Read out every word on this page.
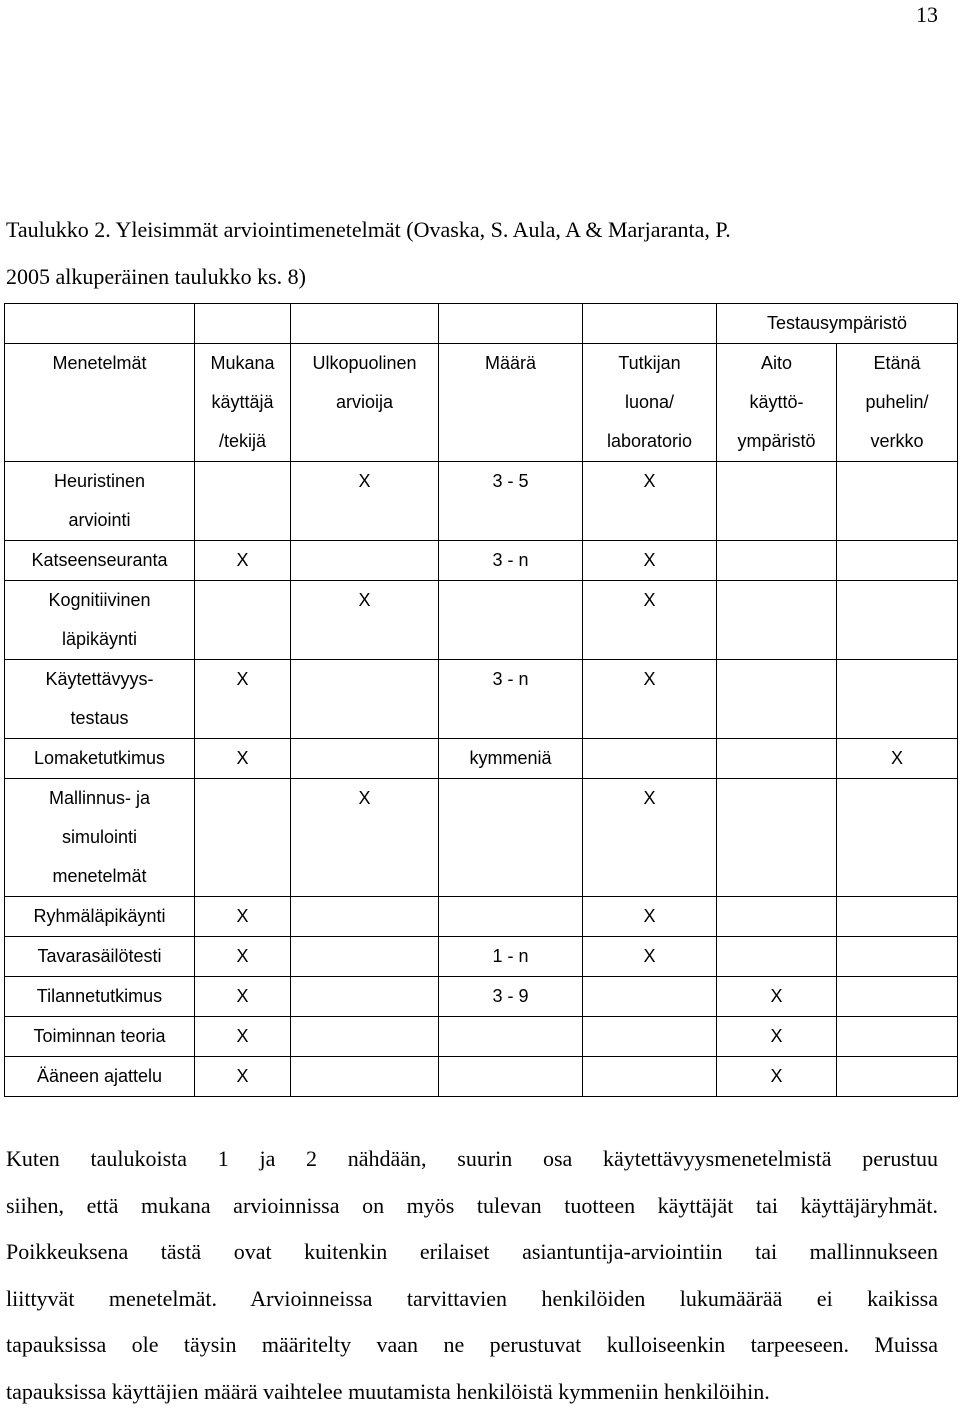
13
Taulukko 2. Yleisimmät arviointimenetelmät (Ovaska, S. Aula, A & Marjaranta, P.
2005 alkuperäinen taulukko ks. 8)
					Testausympäristö	

Menetelmät	Mukana
käyttäjä
/tekijä	Ulkopuolinen
arvioija	Määrä	Tutkijan
luona/
laboratorio	Aito
käyttö-
ympäristö	Etänä
puhelin/
verkko

Heuristinen
arviointi		X	3 - 5	X		

Katseenseuranta	X		3 - n	X		

Kognitiivinen
läpikäynti		X		X		

Käytettävyys-
testaus	X		3 - n	X		

Lomaketutkimus	X		kymmeniä			X

Mallinnus- ja
simulointi
menetelmät		X		X		

Ryhmäläpikäynti	X			X		

Tavarasäilötesti	X		1 - n	X		

Tilannetutkimus	X		3 - 9		X	

Toiminnan teoria	X				X	

Ääneen ajattelu	X				X	
Kuten taulukoista 1 ja 2 nähdään, suurin osa käytettävyysmenetelmistä perustuu
siihen, että mukana arvioinnissa on myös tulevan tuotteen käyttäjät tai käyttäjäryhmät.
Poikkeuksena tästä ovat kuitenkin erilaiset asiantuntija-arviointiin tai mallinnukseen
liittyvät menetelmät. Arvioinneissa tarvittavien henkilöiden lukumäärää ei kaikissa
tapauksissa ole täysin määritelty vaan ne perustuvat kulloiseenkin tarpeeseen. Muissa
tapauksissa käyttäjien määrä vaihtelee muutamista henkilöistä kymmeniin henkilöihin.
